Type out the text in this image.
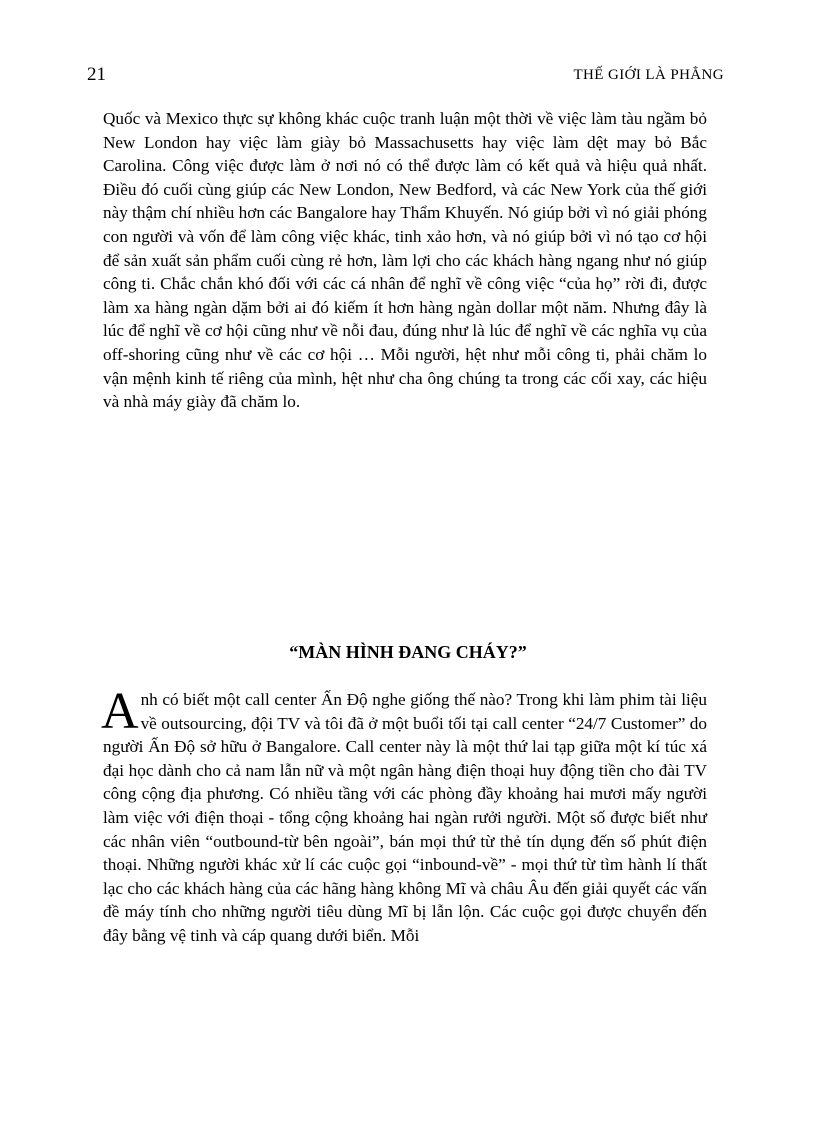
21	THẾ GIỚI LÀ PHẲNG
Quốc và Mexico thực sự không khác cuộc tranh luận một thời về việc làm tàu ngầm bỏ New London hay việc làm giày bỏ Massachusetts hay việc làm dệt may bỏ Bắc Carolina. Công việc được làm ở nơi nó có thể được làm có kết quả và hiệu quả nhất. Điều đó cuối cùng giúp các New London, New Bedford, và các New York của thế giới này thậm chí nhiều hơn các Bangalore hay Thẩm Khuyến. Nó giúp bởi vì nó giải phóng con người và vốn để làm công việc khác, tinh xảo hơn, và nó giúp bởi vì nó tạo cơ hội để sản xuất sản phẩm cuối cùng rẻ hơn, làm lợi cho các khách hàng ngang như nó giúp công ti. Chắc chắn khó đối với các cá nhân để nghĩ về công việc “của họ” rời đi, được làm xa hàng ngàn dặm bởi ai đó kiếm ít hơn hàng ngàn dollar một năm. Nhưng đây là lúc để nghĩ về cơ hội cũng như về nỗi đau, đúng như là lúc để nghĩ về các nghĩa vụ của off-shoring cũng như về các cơ hội … Mỗi người, hệt như mỗi công ti, phải chăm lo vận mệnh kinh tế riêng của mình, hệt như cha ông chúng ta trong các cối xay, các hiệu và nhà máy giày đã chăm lo.
“MÀN HÌNH ĐANG CHÁY?”
Anh có biết một call center Ấn Độ nghe giống thế nào? Trong khi làm phim tài liệu về outsourcing, đội TV và tôi đã ở một buổi tối tại call center “24/7 Customer” do người Ấn Độ sở hữu ở Bangalore. Call center này là một thứ lai tạp giữa một kí túc xá đại học dành cho cả nam lẫn nữ và một ngân hàng điện thoại huy động tiền cho đài TV công cộng địa phương. Có nhiều tầng với các phòng đầy khoảng hai mươi mấy người làm việc với điện thoại - tổng cộng khoảng hai ngàn rưởi người. Một số được biết như các nhân viên “outbound-từ bên ngoài”, bán mọi thứ từ thẻ tín dụng đến số phút điện thoại. Những người khác xử lí các cuộc gọi “inbound-về” - mọi thứ từ tìm hành lí thất lạc cho các khách hàng của các hãng hàng không Mĩ và châu Âu đến giải quyết các vấn đề máy tính cho những người tiêu dùng Mĩ bị lẫn lộn. Các cuộc gọi được chuyển đến đây bằng vệ tinh và cáp quang dưới biển. Mỗi
